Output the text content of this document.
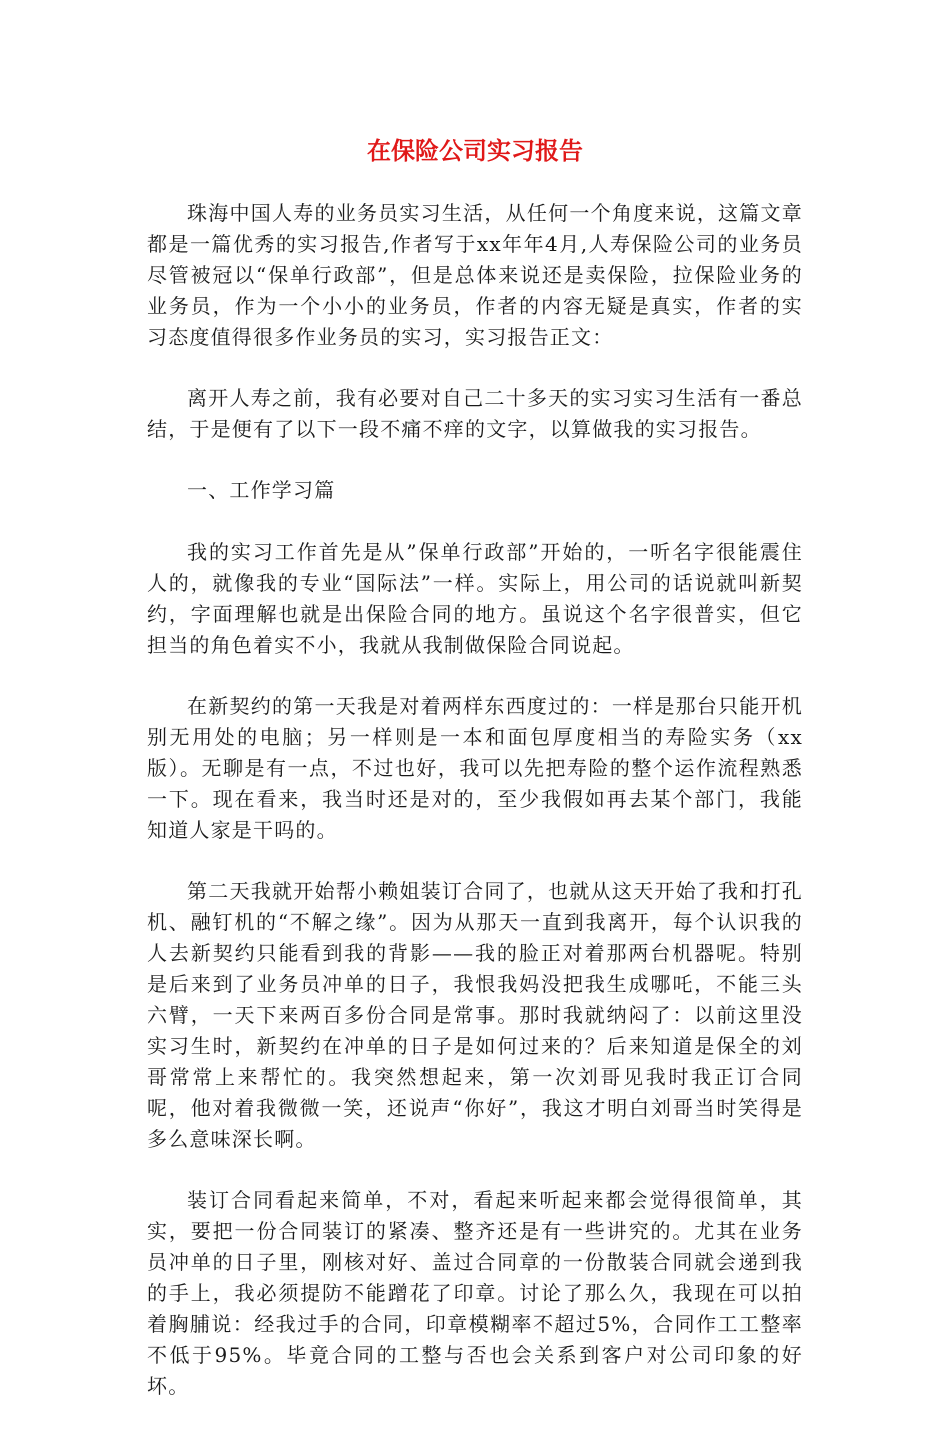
在保险公司实习报告

珠海中国人寿的业务员实习生活，从任何一个角度来说，这篇文章都是一篇优秀的实习报告,作者写于xx年年4月,人寿保险公司的业务员尽管被冠以“保单行政部”，但是总体来说还是卖保险，拉保险业务的业务员，作为一个小小的业务员，作者的内容无疑是真实，作者的实习态度值得很多作业务员的实习，实习报告正文：

离开人寿之前，我有必要对自己二十多天的实习实习生活有一番总结，于是便有了以下一段不痛不痒的文字，以算做我的实习报告。

一、工作学习篇

我的实习工作首先是从”保单行政部”开始的，一听名字很能震住人的，就像我的专业“国际法”一样。实际上，用公司的话说就叫新契约，字面理解也就是出保险合同的地方。虽说这个名字很普实，但它担当的角色着实不小，我就从我制做保险合同说起。

在新契约的第一天我是对着两样东西度过的：一样是那台只能开机别无用处的电脑；另一样则是一本和面包厚度相当的寿险实务（xx版）。无聊是有一点，不过也好，我可以先把寿险的整个运作流程熟悉一下。现在看来，我当时还是对的，至少我假如再去某个部门，我能知道人家是干吗的。

第二天我就开始帮小赖姐装订合同了，也就从这天开始了我和打孔机、融钉机的“不解之缘”。因为从那天一直到我离开，每个认识我的人去新契约只能看到我的背影——我的脸正对着那两台机器呢。特别是后来到了业务员冲单的日子，我恨我妈没把我生成哪吒，不能三头六臂，一天下来两百多份合同是常事。那时我就纳闷了：以前这里没实习生时，新契约在冲单的日子是如何过来的？后来知道是保全的刘哥常常上来帮忙的。我突然想起来，第一次刘哥见我时我正订合同呢，他对着我微微一笑，还说声“你好”，我这才明白刘哥当时笑得是多么意味深长啊。

装订合同看起来简单，不对，看起来听起来都会觉得很简单，其实，要把一份合同装订的紧凑、整齐还是有一些讲究的。尤其在业务员冲单的日子里，刚核对好、盖过合同章的一份散装合同就会递到我的手上，我必须提防不能蹭花了印章。讨论了那么久，我现在可以拍着胸脯说：经我过手的合同，印章模糊率不超过5%，合同作工工整率不低于95%。毕竟合同的工整与否也会关系到客户对公司印象的好坏。
